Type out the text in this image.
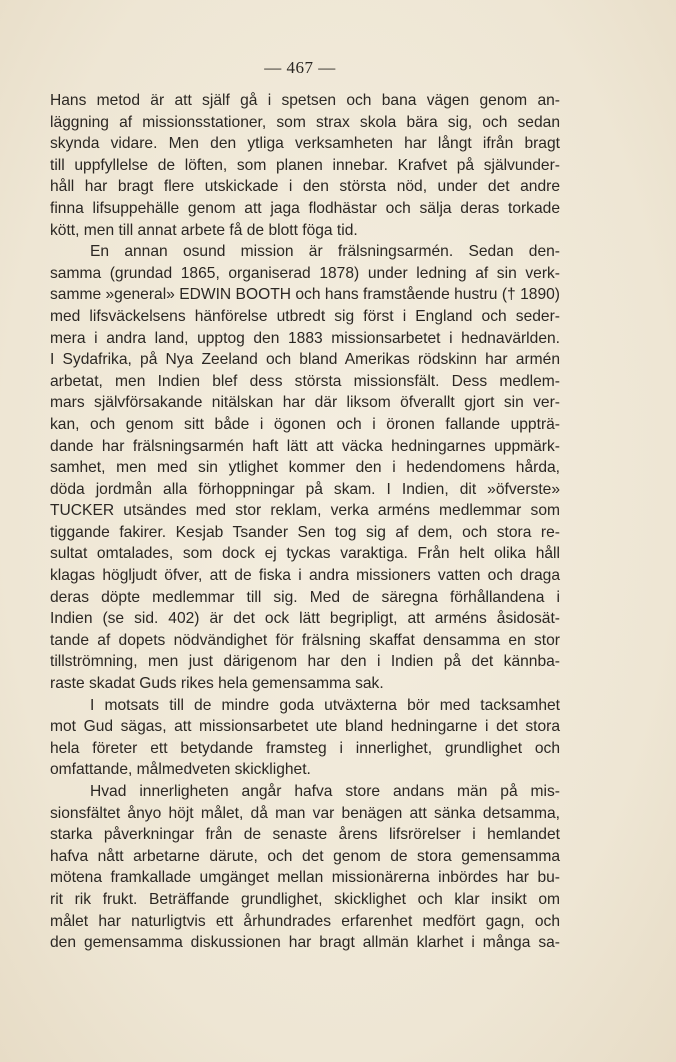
— 467 —
Hans metod är att själf gå i spetsen och bana vägen genom an-
läggning af missionsstationer, som strax skola bära sig, och sedan
skynda vidare. Men den ytliga verksamheten har långt ifrån bragt
till uppfyllelse de löften, som planen innebar. Krafvet på självunder-
håll har bragt flere utskickade i den största nöd, under det andre
finna lifsuppehälle genom att jaga flodhästar och sälja deras torkade
kött, men till annat arbete få de blott föga tid.
En annan osund mission är frälsningsarmén. Sedan den-
samma (grundad 1865, organiserad 1878) under ledning af sin verk-
samme »general» EDWIN BOOTH och hans framstående hustru († 1890)
med lifsväckelsens hänförelse utbredt sig först i England och seder-
mera i andra land, upptog den 1883 missionsarbetet i hednavärlden.
I Sydafrika, på Nya Zeeland och bland Amerikas rödskinn har armén
arbetat, men Indien blef dess största missionsfält. Dess medlem-
mars självförsakande nitälskan har där liksom öfverallt gjort sin ver-
kan, och genom sitt både i ögonen och i öronen fallande uppträ-
dande har frälsningsarmén haft lätt att väcka hedningarnes uppmärk-
samhet, men med sin ytlighet kommer den i hedendomens hårda,
döda jordmån alla förhoppningar på skam. I Indien, dit »öfverste»
TUCKER utsändes med stor reklam, verka arméns medlemmar som
tiggande fakirer. Kesjab Tsander Sen tog sig af dem, och stora re-
sultat omtalades, som dock ej tyckas varaktiga. Från helt olika håll
klagas högljudt öfver, att de fiska i andra missioners vatten och draga
deras döpte medlemmar till sig. Med de säregna förhållandena i
Indien (se sid. 402) är det ock lätt begripligt, att arméns åsidosät-
tande af dopets nödvändighet för frälsning skaffat densamma en stor
tillströmning, men just därigenom har den i Indien på det kännba-
raste skadat Guds rikes hela gemensamma sak.
I motsats till de mindre goda utväxterna bör med tacksamhet
mot Gud sägas, att missionsarbetet ute bland hedningarne i det stora
hela företer ett betydande framsteg i innerlighet, grundlighet och
omfattande, målmedveten skicklighet.
Hvad innerligheten angår hafva store andans män på mis-
sionsfältet ånyo höjt målet, då man var benägen att sänka detsamma,
starka påverkningar från de senaste årens lifsrörelser i hemlandet
hafva nått arbetarne därute, och det genom de stora gemensamma
mötena framkallade umgänget mellan missionärerna inbördes har bu-
rit rik frukt. Beträffande grundlighet, skicklighet och klar insikt om
målet har naturligtvis ett århundrades erfarenhet medfört gagn, och
den gemensamma diskussionen har bragt allmän klarhet i många sa-
